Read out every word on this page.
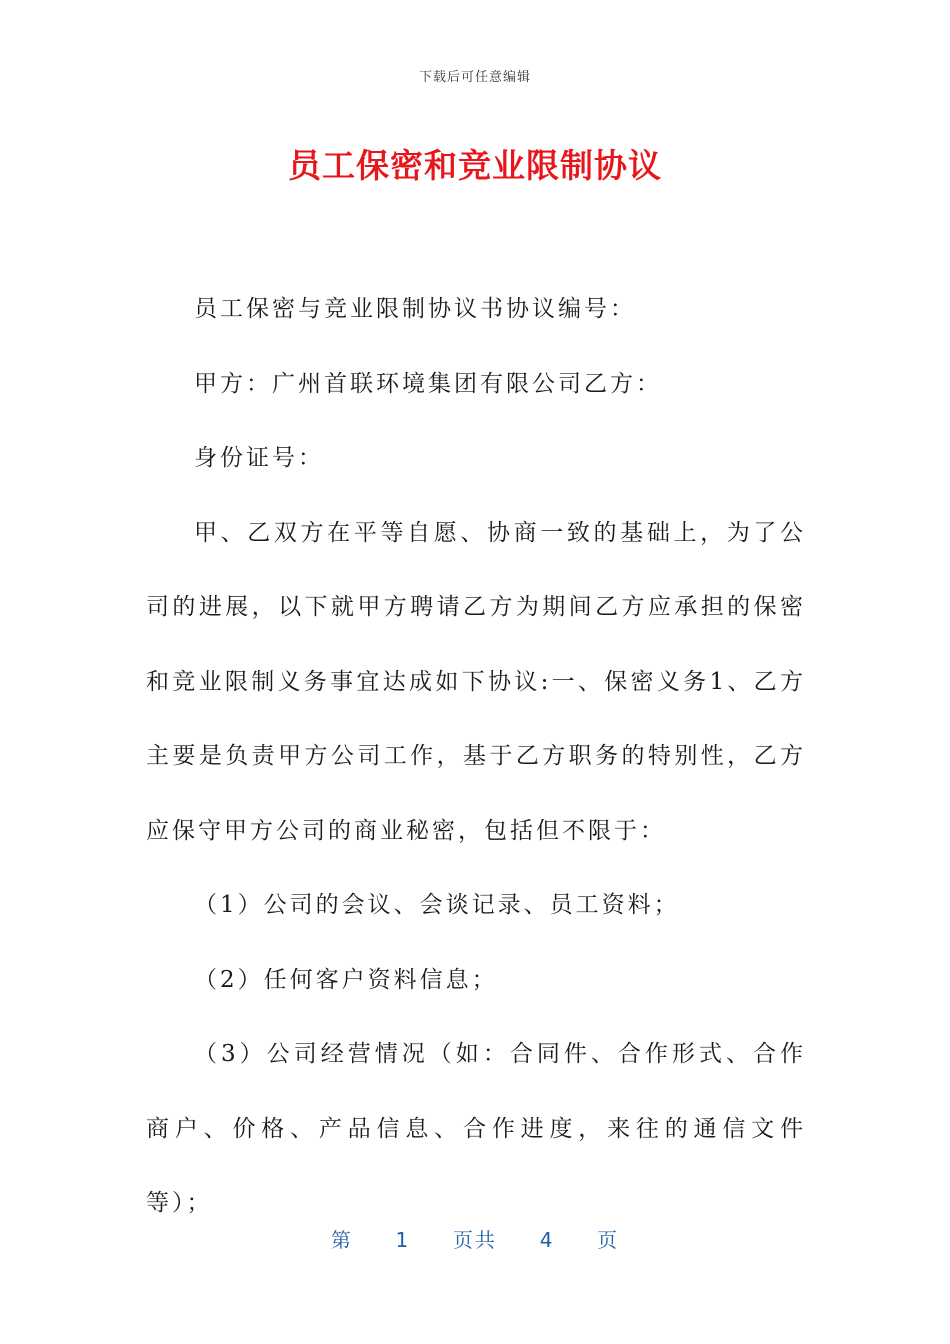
下载后可任意编辑
员工保密和竞业限制协议

员工保密与竞业限制协议书协议编号：

甲方：广州首联环境集团有限公司乙方：

身份证号：

甲、乙双方在平等自愿、协商一致的基础上，为了公司的进展，以下就甲方聘请乙方为期间乙方应承担的保密和竞业限制义务事宜达成如下协议:一、保密义务1、乙方主要是负责甲方公司工作，基于乙方职务的特别性，乙方应保守甲方公司的商业秘密，包括但不限于：

（1）公司的会议、会谈记录、员工资料；

（2）任何客户资料信息；

（3）公司经营情况（如：合同件、合作形式、合作商户、价格、产品信息、合作进度，来往的通信文件等）；

第 1 页共 4 页
